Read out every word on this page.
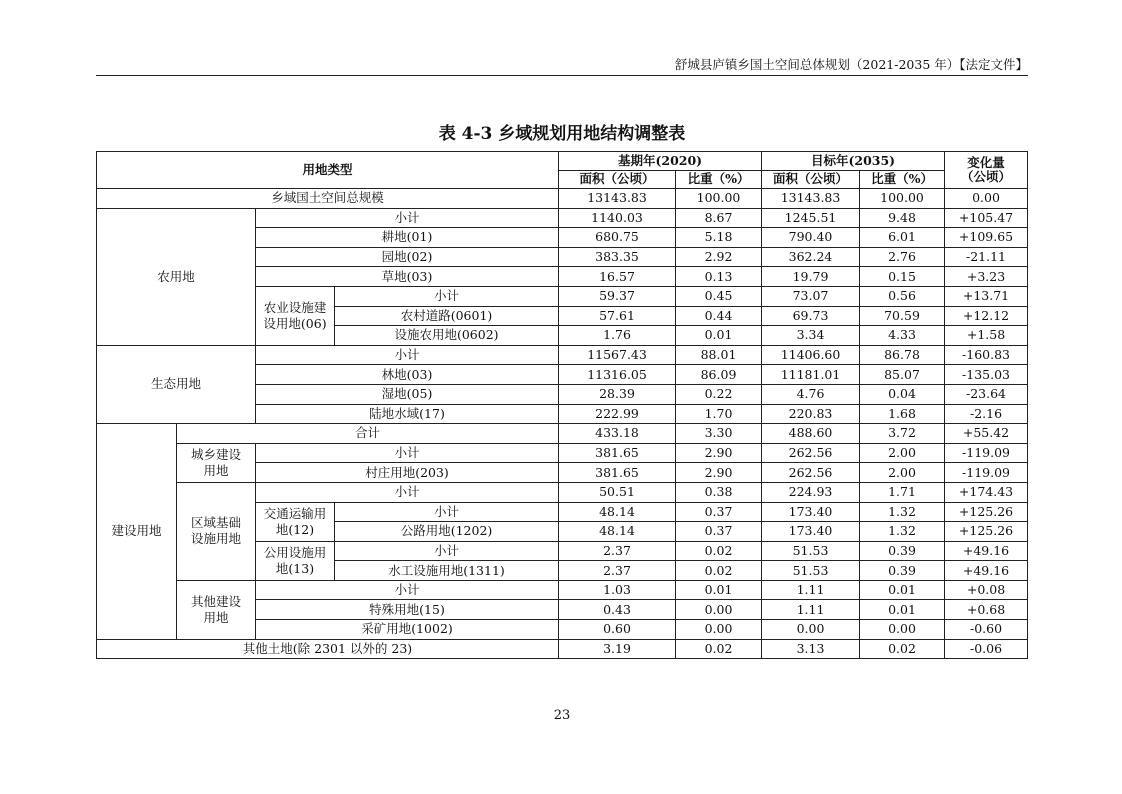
舒城县庐镇乡国土空间总体规划（2021-2035 年）【法定文件】
表 4-3 乡域规划用地结构调整表
用地类型				基期年(2020)		目标年(2035)		变化量
（公顷）
				面积（公顷）	比重（%）	面积（公顷）	比重（%）	
乡域国土空间总规模				13143.83	100.00	13143.83	100.00	0.00
农用地		小计		1140.03	8.67	1245.51	9.48	+105.47
		耕地(01)		680.75	5.18	790.40	6.01	+109.65
		园地(02)		383.35	2.92	362.24	2.76	-21.11
		草地(03)		16.57	0.13	19.79	0.15	+3.23
		农业设施建设用地(06)	小计	59.37	0.45	73.07	0.56	+13.71
			农村道路(0601)	57.61	0.44	69.73	70.59	+12.12
			设施农用地(0602)	1.76	0.01	3.34	4.33	+1.58
生态用地		小计		11567.43	88.01	11406.60	86.78	-160.83
		林地(03)		11316.05	86.09	11181.01	85.07	-135.03
		湿地(05)		28.39	0.22	4.76	0.04	-23.64
		陆地水域(17)		222.99	1.70	220.83	1.68	-2.16
建设用地	合计			433.18	3.30	488.60	3.72	+55.42
	城乡建设用地	小计		381.65	2.90	262.56	2.00	-119.09
		村庄用地(203)		381.65	2.90	262.56	2.00	-119.09
	区域基础设施用地	小计		50.51	0.38	224.93	1.71	+174.43
		交通运输用地(12)	小计	48.14	0.37	173.40	1.32	+125.26
			公路用地(1202)	48.14	0.37	173.40	1.32	+125.26
		公用设施用地(13)	小计	2.37	0.02	51.53	0.39	+49.16
			水工设施用地(1311)	2.37	0.02	51.53	0.39	+49.16
	其他建设用地	小计		1.03	0.01	1.11	0.01	+0.08
		特殊用地(15)		0.43	0.00	1.11	0.01	+0.68
		采矿用地(1002)		0.60	0.00	0.00	0.00	-0.60
其他土地(除 2301 以外的 23)				3.19	0.02	3.13	0.02	-0.06
23
